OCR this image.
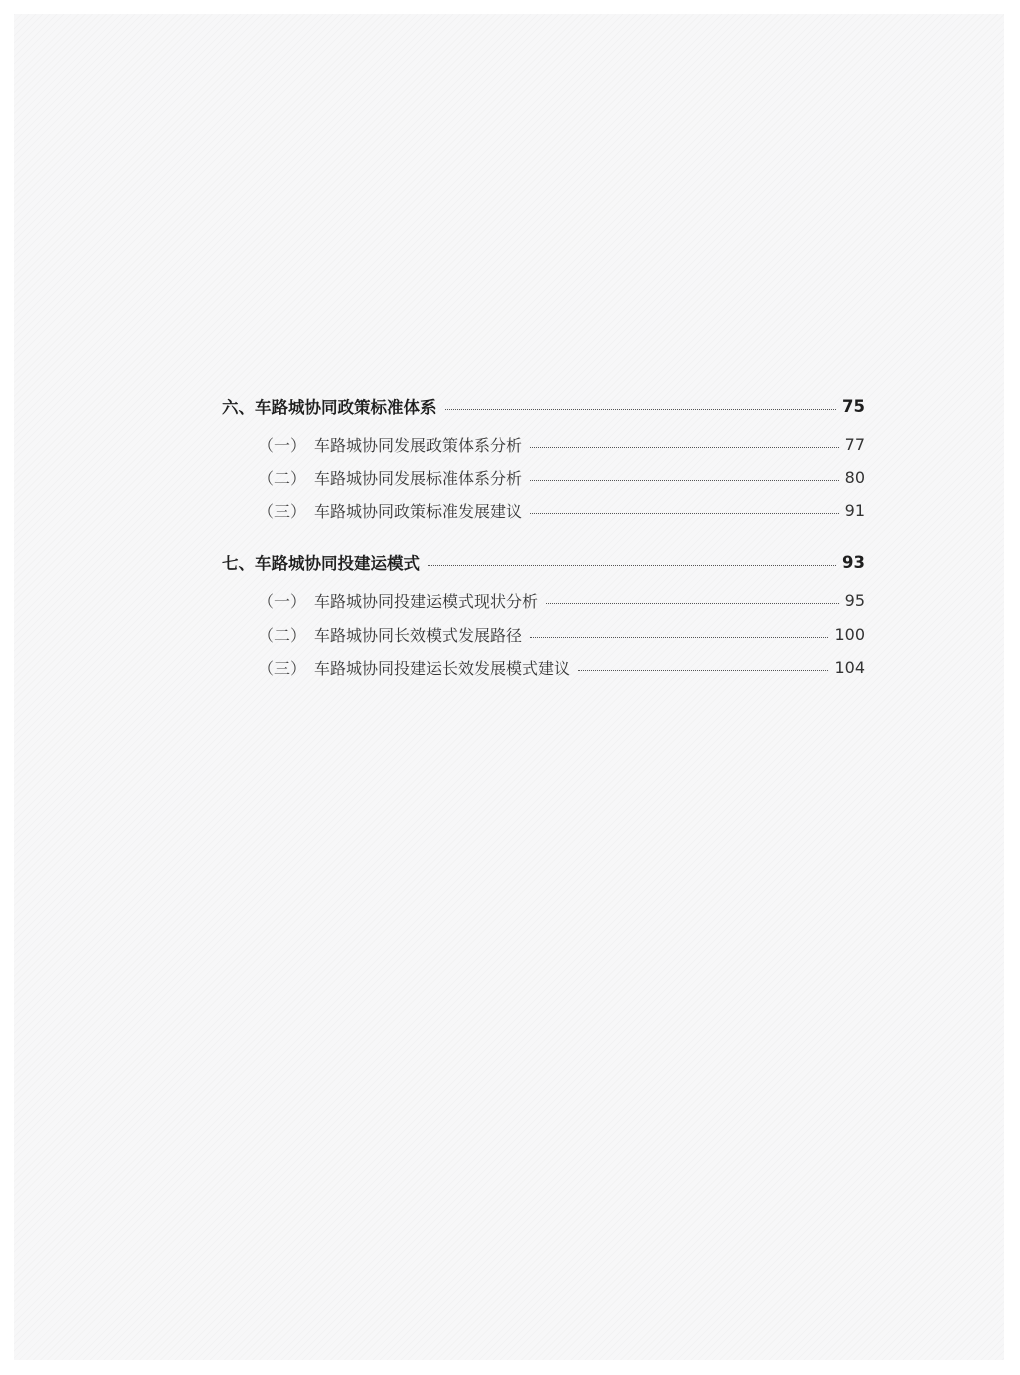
六、车路城协同政策标准体系	75
（一） 车路城协同发展政策体系分析	77
（二） 车路城协同发展标准体系分析	80
（三） 车路城协同政策标准发展建议	91
七、车路城协同投建运模式	93
（一） 车路城协同投建运模式现状分析	95
（二） 车路城协同长效模式发展路径	100
（三） 车路城协同投建运长效发展模式建议	104
